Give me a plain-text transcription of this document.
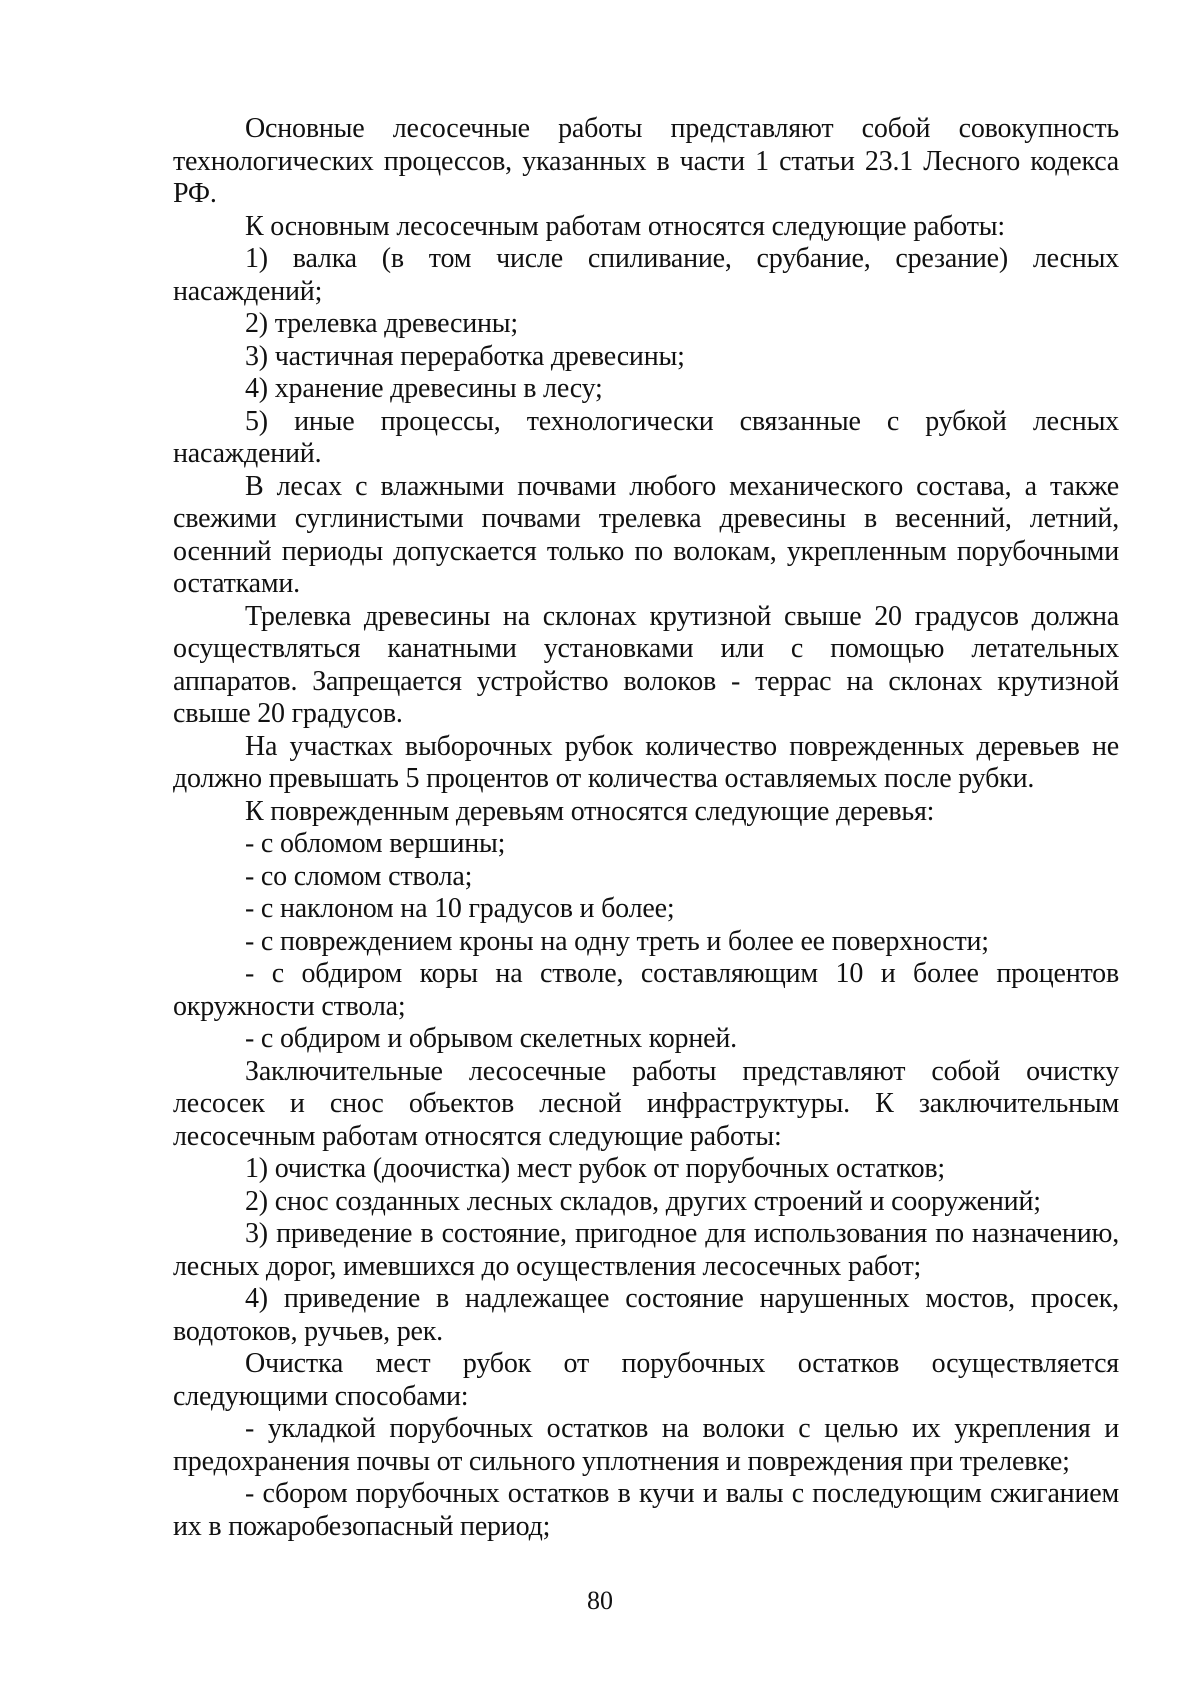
Основные лесосечные работы представляют собой совокупность технологических процессов, указанных в части 1 статьи 23.1 Лесного кодекса РФ.

К основным лесосечным работам относятся следующие работы:

1) валка (в том числе спиливание, срубание, срезание) лесных насаждений;

2) трелевка древесины;

3) частичная переработка древесины;

4) хранение древесины в лесу;

5) иные процессы, технологически связанные с рубкой лесных насаждений.

В лесах с влажными почвами любого механического состава, а также свежими суглинистыми почвами трелевка древесины в весенний, летний, осенний периоды допускается только по волокам, укрепленным порубочными остатками.

Трелевка древесины на склонах крутизной свыше 20 градусов должна осуществляться канатными установками или с помощью летательных аппаратов. Запрещается устройство волоков - террас на склонах крутизной свыше 20 градусов.

На участках выборочных рубок количество поврежденных деревьев не должно превышать 5 процентов от количества оставляемых после рубки.

К поврежденным деревьям относятся следующие деревья:

- с обломом вершины;

- со сломом ствола;

- с наклоном на 10 градусов и более;

- с повреждением кроны на одну треть и более ее поверхности;

- с обдиром коры на стволе, составляющим 10 и более процентов окружности ствола;

- с обдиром и обрывом скелетных корней.

Заключительные лесосечные работы представляют собой очистку лесосек и снос объектов лесной инфраструктуры. К заключительным лесосечным работам относятся следующие работы:

1) очистка (доочистка) мест рубок от порубочных остатков;

2) снос созданных лесных складов, других строений и сооружений;

3) приведение в состояние, пригодное для использования по назначению, лесных дорог, имевшихся до осуществления лесосечных работ;

4) приведение в надлежащее состояние нарушенных мостов, просек, водотоков, ручьев, рек.

Очистка мест рубок от порубочных остатков осуществляется следующими способами:

- укладкой порубочных остатков на волоки с целью их укрепления и предохранения почвы от сильного уплотнения и повреждения при трелевке;

- сбором порубочных остатков в кучи и валы с последующим сжиганием их в пожаробезопасный период;

80
